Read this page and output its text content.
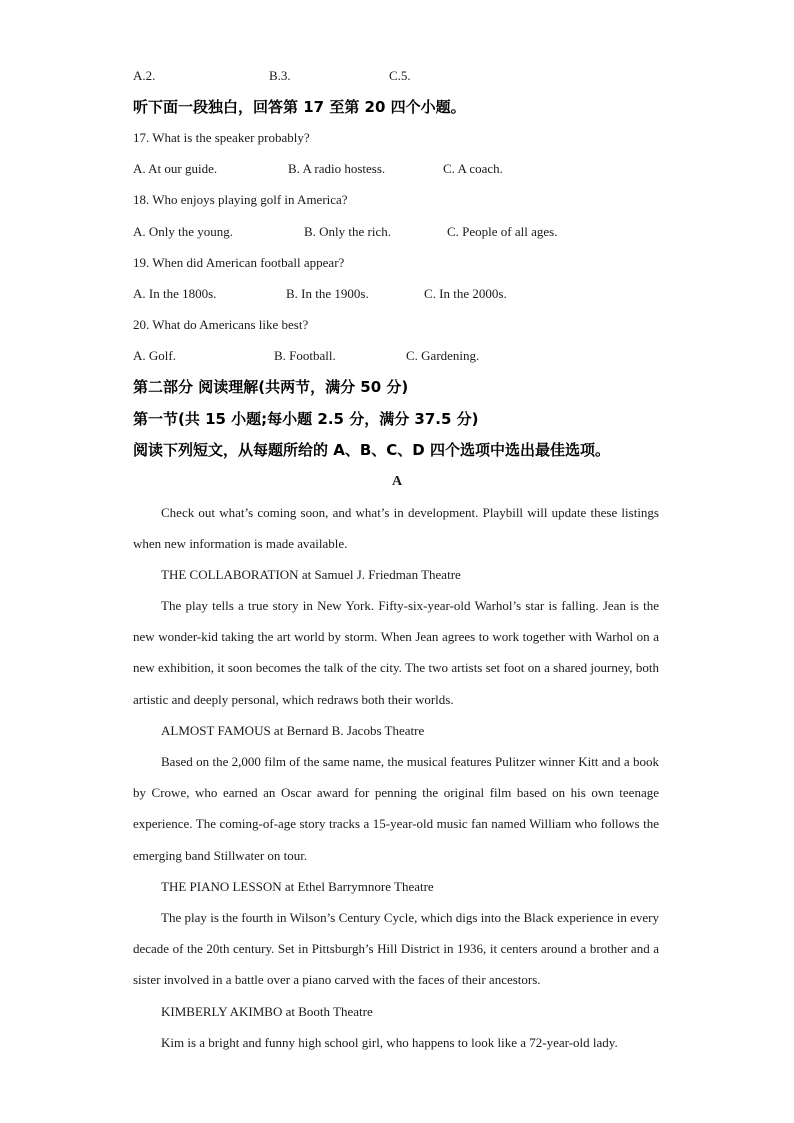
A.2.	B.3.	C.5.
听下面一段独白，回答第 17 至第 20 四个小题。
17. What is the speaker probably?
A. At our guide.	B. A radio hostess.	C. A coach.
18. Who enjoys playing golf in America?
A. Only the young.	B. Only the rich.	C. People of all ages.
19. When did American football appear?
A. In the 1800s.	B. In the 1900s.	C. In the 2000s.
20. What do Americans like best?
A. Golf.	B. Football.	C. Gardening.
第二部分 阅读理解(共两节，满分 50 分)
第一节(共 15 小题;每小题 2.5 分，满分 37.5 分)
阅读下列短文，从每题所给的 A、B、C、D 四个选项中选出最佳选项。
A
Check out what’s coming soon, and what’s in development. Playbill will update these listings when new information is made available.
THE COLLABORATION at Samuel J. Friedman Theatre
The play tells a true story in New York. Fifty-six-year-old Warhol’s star is falling. Jean is the new wonder-kid taking the art world by storm. When Jean agrees to work together with Warhol on a new exhibition, it soon becomes the talk of the city. The two artists set foot on a shared journey, both artistic and deeply personal, which redraws both their worlds.
ALMOST FAMOUS at Bernard B. Jacobs Theatre
Based on the 2,000 film of the same name, the musical features Pulitzer winner Kitt and a book by Crowe, who earned an Oscar award for penning the original film based on his own teenage experience. The coming-of-age story tracks a 15-year-old music fan named William who follows the emerging band Stillwater on tour.
THE PIANO LESSON at Ethel Barrymnore Theatre
The play is the fourth in Wilson’s Century Cycle, which digs into the Black experience in every decade of the 20th century. Set in Pittsburgh’s Hill District in 1936, it centers around a brother and a sister involved in a battle over a piano carved with the faces of their ancestors.
KIMBERLY AKIMBO at Booth Theatre
Kim is a bright and funny high school girl, who happens to look like a 72-year-old lady.
